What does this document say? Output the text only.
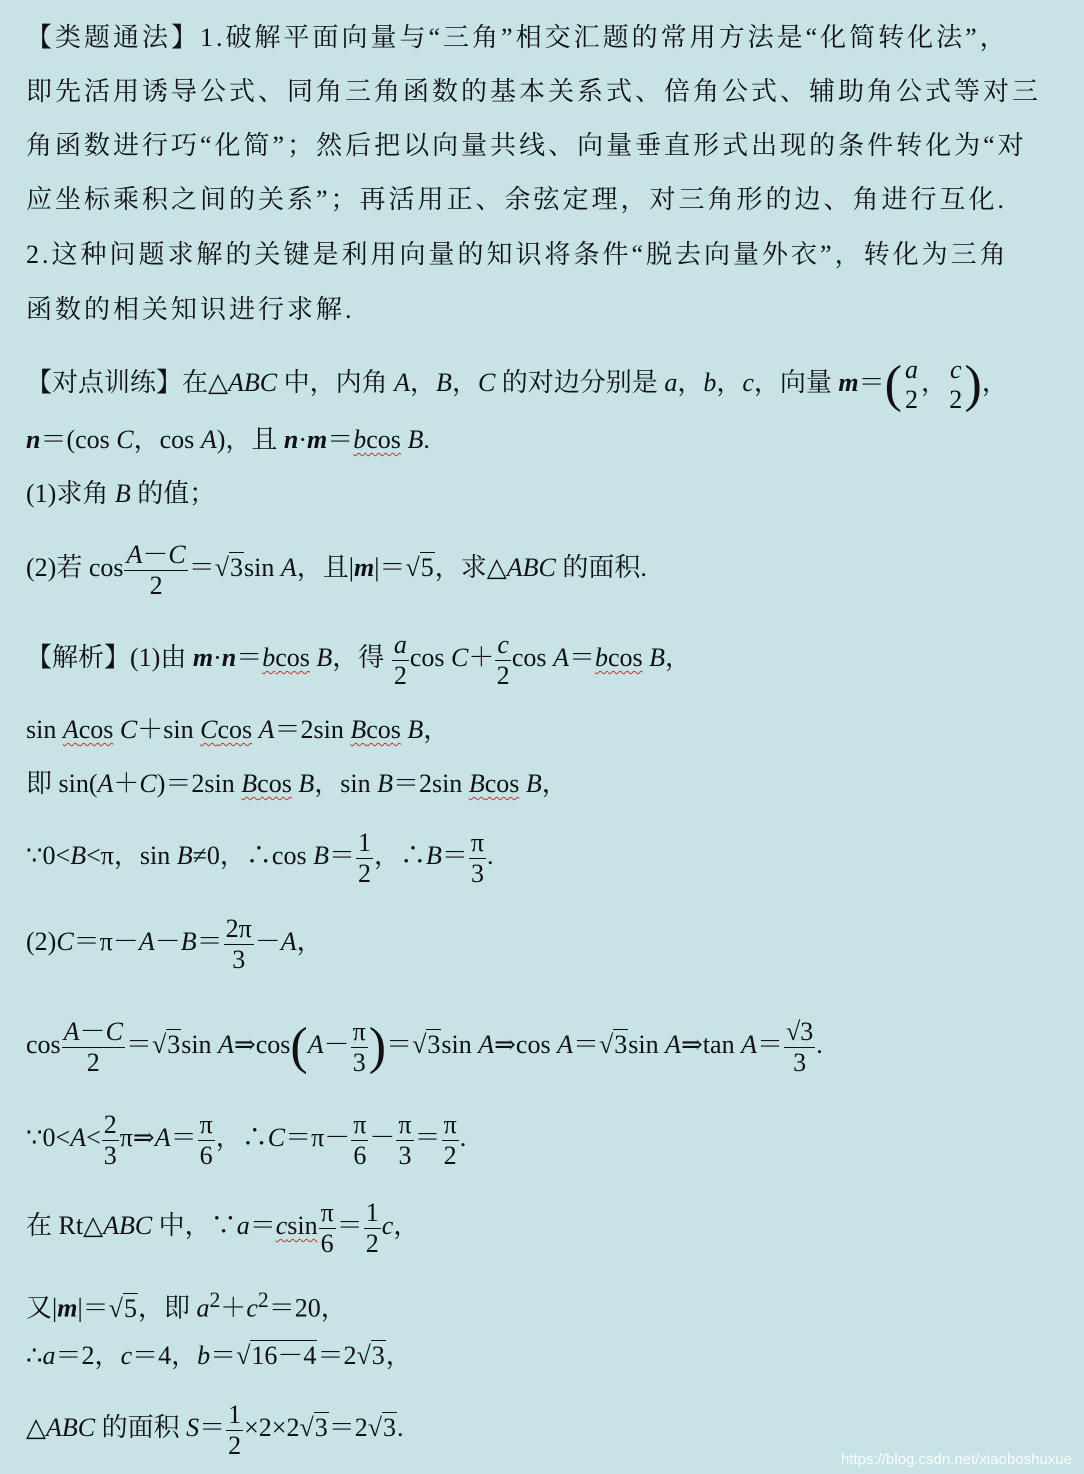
【类题通法】1.破解平面向量与“三角”相交汇题的常用方法是“化简转化法”，
即先活用诱导公式、同角三角函数的基本关系式、倍角公式、辅助角公式等对三
角函数进行巧“化简”；然后把以向量共线、向量垂直形式出现的条件转化为“对
应坐标乘积之间的关系”；再活用正、余弦定理，对三角形的边、角进行互化.
2.这种问题求解的关键是利用向量的知识将条件“脱去向量外衣”，转化为三角
函数的相关知识进行求解.
【对点训练】在△ABC 中，内角 A，B，C 的对边分别是 a，b，c，向量 m＝( a
2
， c
2 )，
n＝(cos C，cos A)，且 n·m＝bcos B.
(1)求角 B 的值；
(2)若 $\cos \frac{A-C}{2} =√3\sin$ A，且|m|＝√5，求△ABC 的面积.
【解析】(1)由 m·n＝bcos B，得 $\frac{a}{2}$ $\cos C+ \frac{c}{2}$ cos A＝bcos B，
sin Acos C＋sin Ccos A＝2sin Bcos B，
即 sin(A＋C)＝2sin Bcos B，sin B＝2sin Bcos B，
∵0<B<π，sin B≠0，∴cos $B= \frac{1}{2}$ ，∴B＝ $\frac{\pi}{3}$ .
$(2)C=\pi-A-B= \frac{2\pi}{3} -A$，
$\cos \frac{A-C}{2} =√3\sin$ A⇒cos(A－ $\frac{\pi}{3} )=√3\sin$ A⇒cos A＝√3sin A⇒tan $A= \frac{√3}{3}$ .
∵0<A< $\frac{2}{3}$ π⇒A＝ $\frac{\pi}{6}$ ，∴C＝π－ $\frac{\pi}{6} - \frac{\pi}{3} = \frac{\pi}{2}$ .
在 Rt△ABC 中，∵a＝csin $\frac{\pi}{6} = \frac{1}{2}$ c，
又|m|＝√5，即 $a^2+c^2=20$，
∴a＝2，c＝4，b＝√16－4＝2√3，
△ABC 的面积 $S= \frac{1}{2} \times 2\times 2√3=2√3$.
https://blog.csdn.net/xiaoboshuxue
